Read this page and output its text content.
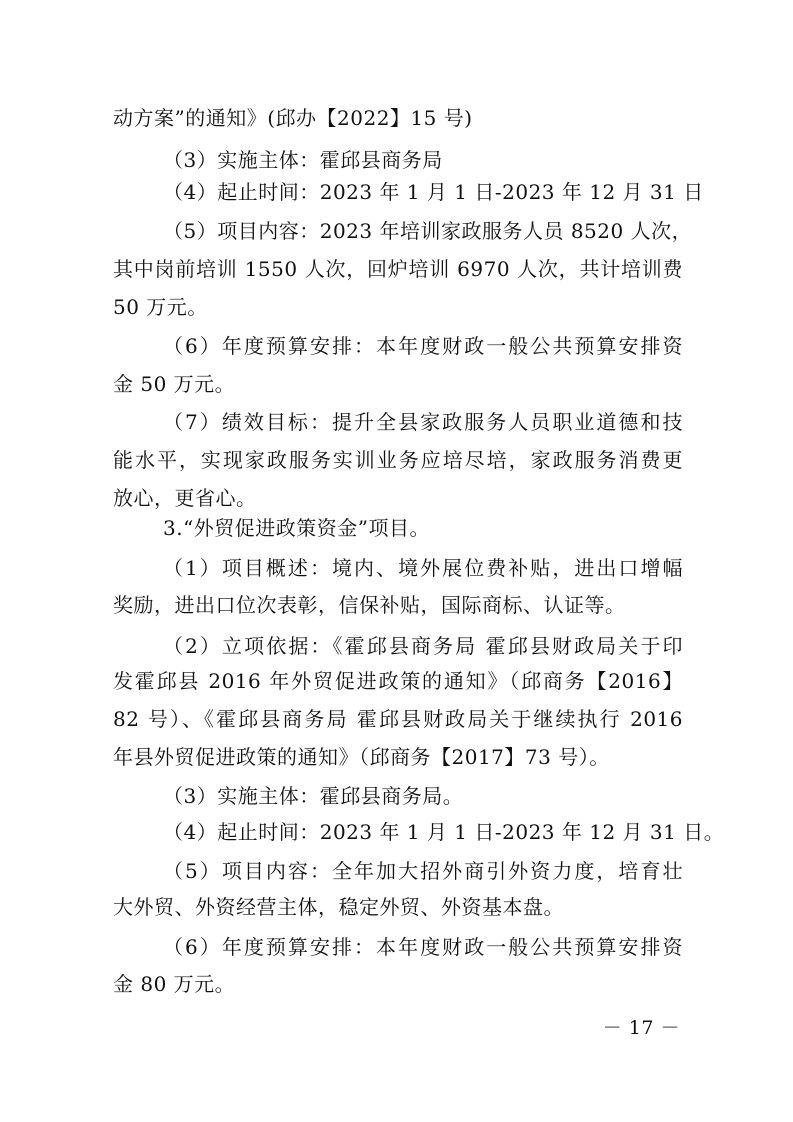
动方案”的通知》(邱办【2022】15 号)
（3）实施主体：霍邱县商务局
（4）起止时间：2023 年 1 月 1 日-2023 年 12 月 31 日
（5）项目内容：2023 年培训家政服务人员 8520 人次，
其中岗前培训 1550 人次，回炉培训 6970 人次，共计培训费
50 万元。
（6）年度预算安排：本年度财政一般公共预算安排资
金 50 万元。
（7）绩效目标：提升全县家政服务人员职业道德和技
能水平，实现家政服务实训业务应培尽培，家政服务消费更
放心，更省心。
3.“外贸促进政策资金”项目。
（1）项目概述：境内、境外展位费补贴，进出口增幅
奖励，进出口位次表彰，信保补贴，国际商标、认证等。
（2）立项依据：《霍邱县商务局 霍邱县财政局关于印
发霍邱县 2016 年外贸促进政策的通知》（邱商务【2016】
82 号）、《霍邱县商务局 霍邱县财政局关于继续执行 2016
年县外贸促进政策的通知》（邱商务【2017】73 号）。
（3）实施主体：霍邱县商务局。
（4）起止时间：2023 年 1 月 1 日-2023 年 12 月 31 日。
（5）项目内容：全年加大招外商引外资力度，培育壮
大外贸、外资经营主体，稳定外贸、外资基本盘。
（6）年度预算安排：本年度财政一般公共预算安排资
金 80 万元。
－ 17 －
